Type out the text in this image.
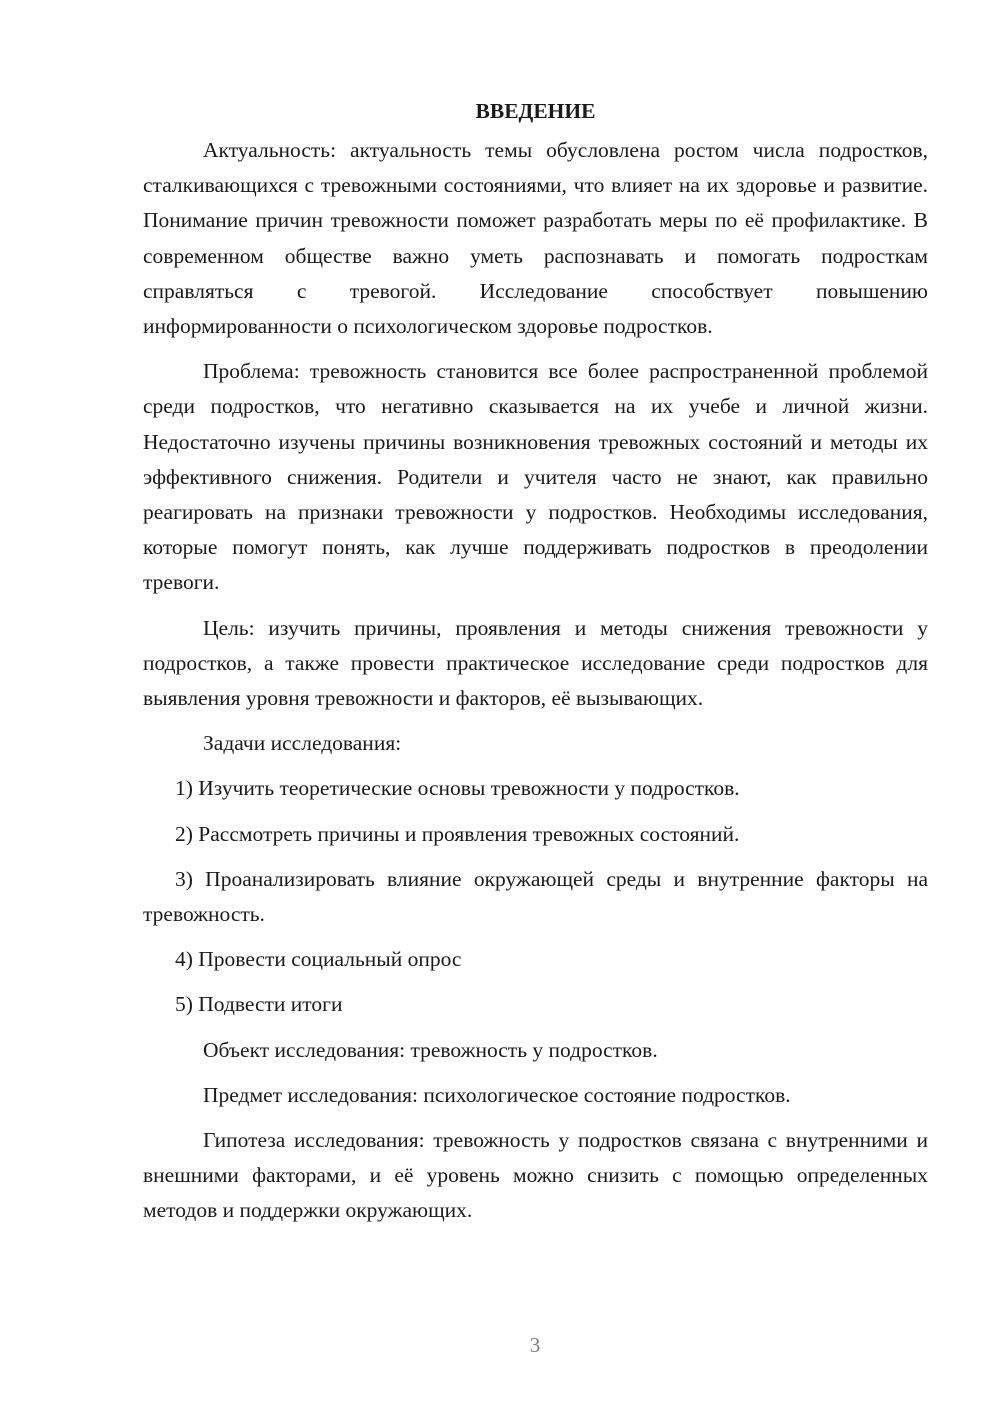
ВВЕДЕНИЕ

Актуальность: актуальность темы обусловлена ростом числа подростков, сталкивающихся с тревожными состояниями, что влияет на их здоровье и развитие. Понимание причин тревожности поможет разработать меры по её профилактике. В современном обществе важно уметь распознавать и помогать подросткам справляться с тревогой. Исследование способствует повышению информированности о психологическом здоровье подростков.

Проблема: тревожность становится все более распространенной проблемой среди подростков, что негативно сказывается на их учебе и личной жизни. Недостаточно изучены причины возникновения тревожных состояний и методы их эффективного снижения. Родители и учителя часто не знают, как правильно реагировать на признаки тревожности у подростков. Необходимы исследования, которые помогут понять, как лучше поддерживать подростков в преодолении тревоги.

Цель: изучить причины, проявления и методы снижения тревожности у подростков, а также провести практическое исследование среди подростков для выявления уровня тревожности и факторов, её вызывающих.

Задачи исследования:

1) Изучить теоретические основы тревожности у подростков.

2) Рассмотреть причины и проявления тревожных состояний.

3) Проанализировать влияние окружающей среды и внутренние факторы на тревожность.

4) Провести социальный опрос

5) Подвести итоги

Объект исследования: тревожность у подростков.

Предмет исследования: психологическое состояние подростков.

Гипотеза исследования: тревожность у подростков связана с внутренними и внешними факторами, и её уровень можно снизить с помощью определенных методов и поддержки окружающих.

3
